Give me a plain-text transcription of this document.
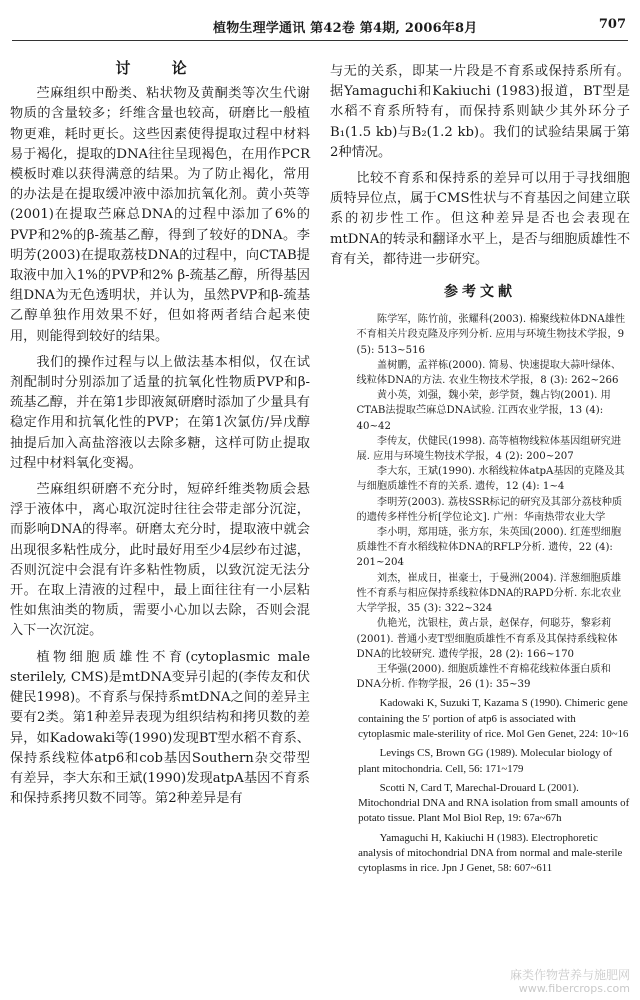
植物生理学通讯 第42卷 第4期, 2006年8月	707
讨 论

苎麻组织中酚类、粘状物及黄酮类等次生代谢物质的含量较多；纤维含量也较高，研磨比一般植物更难，耗时更长。这些因素使得提取过程中材料易于褐化，提取的DNA往往呈现褐色，在用作PCR模板时难以获得满意的结果。为了防止褐化，常用的办法是在提取缓冲液中添加抗氧化剂。黄小英等(2001)在提取苎麻总DNA的过程中添加了6%的PVP和2%的β-巯基乙醇，得到了较好的DNA。李明芳(2003)在提取荔枝DNA的过程中，向CTAB提取液中加入1%的PVP和2% β-巯基乙醇，所得基因组DNA为无色透明状，并认为，虽然PVP和β-巯基乙醇单独作用效果不好，但如将两者结合起来使用，则能得到较好的结果。

我们的操作过程与以上做法基本相似，仅在试剂配制时分别添加了适量的抗氧化性物质PVP和β-巯基乙醇，并在第1步即液氮研磨时添加了少量具有稳定作用和抗氧化性的PVP；在第1次氯仿/异戊醇抽提后加入高盐溶液以去除多糖，这样可防止提取过程中材料氧化变褐。

苎麻组织研磨不充分时，短碎纤维类物质会悬浮于液体中，离心取沉淀时往往会带走部分沉淀，而影响DNA的得率。研磨太充分时，提取液中就会出现很多粘性成分，此时最好用至少4层纱布过滤，否则沉淀中会混有许多粘性物质，以致沉淀无法分开。在取上清液的过程中，最上面往往有一小层粘性如焦油类的物质，需要小心加以去除，否则会混入下一次沉淀。

植物细胞质雄性不育(cytoplasmic male sterilely, CMS)是mtDNA变异引起的(李传友和伏健民1998)。不育系与保持系mtDNA之间的差异主要有2类。第1种差异表现为组织结构和拷贝数的差异，如Kadowaki等(1990)发现BT型水稻不育系、保持系线粒体atp6和cob基因Southern杂交带型有差异，李大东和王斌(1990)发现atpA基因不育系和保持系拷贝数不同等。第2种差异是有

与无的关系，即某一片段是不育系或保持系所有。据Yamaguchi和Kakiuchi (1983)报道，BT型是水稻不育系所特有，而保持系则缺少其外环分子B₁(1.5 kb)与B₂(1.2 kb)。我们的试验结果属于第2种情况。

比较不育系和保持系的差异可以用于寻找细胞质特异位点，属于CMS性状与不育基因之间建立联系的初步性工作。但这种差异是否也会表现在mtDNA的转录和翻译水平上，是否与细胞质雄性不育有关，都待进一步研究。

参考文献

陈学军，陈竹前，张耀科(2003). 棉聚线粒体DNA雄性不育相关片段克隆及序列分析. 应用与环境生物技术学报，9 (5): 513~516

盖树鹏，孟祥栋(2000). 简易、快速提取大蒜叶绿体、线粒体DNA的方法. 农业生物技术学报，8 (3): 262~266

黄小英，刘强，魏小荣，彭学贤，魏占钧(2001). 用CTAB法提取苎麻总DNA试验. 江西农业学报，13 (4): 40~42

李传友，伏健民(1998). 高等植物线粒体基因组研究进展. 应用与环境生物技术学报，4 (2): 200~207

李大东，王斌(1990). 水稻线粒体atpA基因的克隆及其与细胞质雄性不育的关系. 遗传，12 (4): 1~4

李明芳(2003). 荔枝SSR标记的研究及其部分荔枝种质的遗传多样性分析[学位论文]. 广州：华南热带农业大学

李小明，郑用琏，张方东，朱英国(2000). 红莲型细胞质雄性不育水稻线粒体DNA的RFLP分析. 遗传，22 (4): 201~204

刘杰，崔成日，崔豪士，于曼洲(2004). 洋葱细胞质雄性不育系与相应保持系线粒体DNA的RAPD分析. 东北农业大学学报，35 (3): 322~324

仇艳光，沈银柱，黄占景，赵保存，何聪芬，黎彩莉(2001). 普通小麦T型细胞质雄性不育系及其保持系线粒体DNA的比较研究. 遗传学报，28 (2): 166~170

王华强(2000). 细胞质雄性不育棉花线粒体蛋白质和DNA分析. 作物学报，26 (1): 35~39

Kadowaki K, Suzuki T, Kazama S (1990). Chimeric gene containing the 5′ portion of atp6 is associated with cytoplasmic male-sterility of rice. Mol Gen Genet, 224: 10~16

Levings CS, Brown GG (1989). Molecular biology of plant mitochondria. Cell, 56: 171~179

Scotti N, Card T, Marechal-Drouard L (2001). Mitochondrial DNA and RNA isolation from small amounts of potato tissue. Plant Mol Biol Rep, 19: 67a~67h

Yamaguchi H, Kakiuchi H (1983). Electrophoretic analysis of mitochondrial DNA from normal and male-sterile cytoplasms in rice. Jpn J Genet, 58: 607~611

麻类作物营养与施肥网
www.fibercrops.com
